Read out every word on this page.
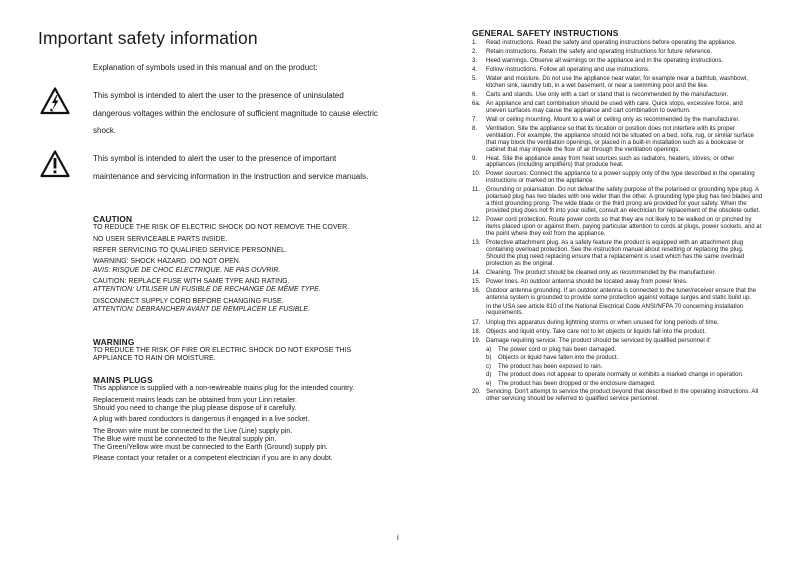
Important safety information
Explanation of symbols used in this manual and on the product:
This symbol is intended to alert the user to the presence of uninsulated dangerous voltages within the enclosure of sufficient magnitude to cause electric shock.
This symbol is intended to alert the user to the presence of important maintenance and servicing information in the instruction and service manuals.
CAUTION

TO REDUCE THE RISK OF ELECTRIC SHOCK DO NOT REMOVE THE COVER.

NO USER SERVICEABLE PARTS INSIDE.

REFER SERVICING TO QUALIFIED SERVICE PERSONNEL.

WARNING: SHOCK HAZARD. DO NOT OPEN.
AVIS: RISQUE DE CHOC ELECTRIQUE. NE PAS OUVRIR.

CAUTION: REPLACE FUSE WITH SAME TYPE AND RATING.
ATTENTION: UTILISER UN FUSIBLE DE RECHANGE DE MÊME TYPE.

DISCONNECT SUPPLY CORD BEFORE CHANGING FUSE.
ATTENTION: DEBRANCHER AVANT DE REMPLACER LE FUSIBLE.

WARNING

TO REDUCE THE RISK OF FIRE OR ELECTRIC SHOCK DO NOT EXPOSE THIS APPLIANCE TO RAIN OR MOISTURE.

MAINS PLUGS

This appliance is supplied with a non-rewireable mains plug for the intended country.

Replacement mains leads can be obtained from your Linn retailer.
Should you need to change the plug please dispose of it carefully.

A plug with bared conductors is dangerous if engaged in a live socket.

The Brown wire must be connected to the Live (Line) supply pin.
The Blue wire must be connected to the Neutral supply pin.
The Green/Yellow wire must be connected to the Earth (Ground) supply pin.

Please contact your retailer or a competent electrician if you are in any doubt.

GENERAL SAFETY INSTRUCTIONS
1.	Read instructions. Read the safety and operating instructions before operating the appliance.
2.	Retain instructions. Retain the safety and operating instructions for future reference.
3.	Heed warnings. Observe all warnings on the appliance and in the operating instructions.
4.	Follow instructions. Follow all operating and use instructions.
5.	Water and moisture. Do not use the appliance near water, for example near a bathtub, washbowl, kitchen sink, laundry tub, in a wet basement, or near a swimming pool and the like.
6.	Carts and stands. Use only with a cart or stand that is recommended by the manufacturer.
6a. An appliance and cart combination should be used with care. Quick stops, excessive force, and uneven surfaces may cause the appliance and cart combination to overturn.
7.	Wall or ceiling mounting. Mount to a wall or ceiling only as recommended by the manufacturer.
8.	Ventilation. Site the appliance so that its location or position does not interfere with its proper ventilation. For example, the appliance should not be situated on a bed, sofa, rug, or similar surface that may block the ventilation openings, or placed in a built-in installation such as a bookcase or cabinet that may impede the flow of air through the ventilation openings.
9.	Heat. Site the appliance away from heat sources such as radiators, heaters, stoves, or other appliances (including amplifiers) that produce heat.
10. Power sources. Connect the appliance to a power supply only of the type described in the operating instructions or marked on the appliance.
11. Grounding or polarisation. Do not defeat the safety purpose of the polarised or grounding type plug. A polarised plug has two blades with one wider than the other. A grounding type plug has two blades and a third grounding prong. The wide blade or the third prong are provided for your safety. When the provided plug does not fit into your outlet, consult an electrician for replacement of the obsolete outlet.
12. Power cord protection. Route power cords so that they are not likely to be walked on or pinched by items placed upon or against them, paying particular attention to cords at plugs, power sockets, and at the point where they exit from the appliance.
13. Protective attachment plug. As a safety feature the product is equipped with an attachment plug containing overload protection. See the instruction manual about resetting or replacing the plug. Should the plug need replacing ensure that a replacement is used which has the same overload protection as the original.
14. Cleaning. The product should be cleaned only as recommended by the manufacturer.
15. Power lines. An outdoor antenna should be located away from power lines.
16. Outdoor antenna grounding. If an outdoor antenna is connected to the tuner/receiver ensure that the antenna system is grounded to provide some protection against voltage surges and static build up.
In the USA see article 810 of the National Electrical Code ANSI/NFPA 70 concerning installation requirements.
17. Unplug this apparatus during lightning storms or when unused for long periods of time.
18. Objects and liquid entry. Take care not to let objects or liquids fall into the product.
19. Damage requiring service. The product should be serviced by qualified personnel if:
a)	The power cord or plug has been damaged.
b)	Objects or liquid have fallen into the product.
c)	The product has been exposed to rain.
d)	The product does not appear to operate normally or exhibits a marked change in operation.
e)	The product has been dropped or the enclosure damaged.
20. Servicing. Don't attempt to service the product beyond that described in the operating instructions. All other servicing should be referred to qualified service personnel.
i
